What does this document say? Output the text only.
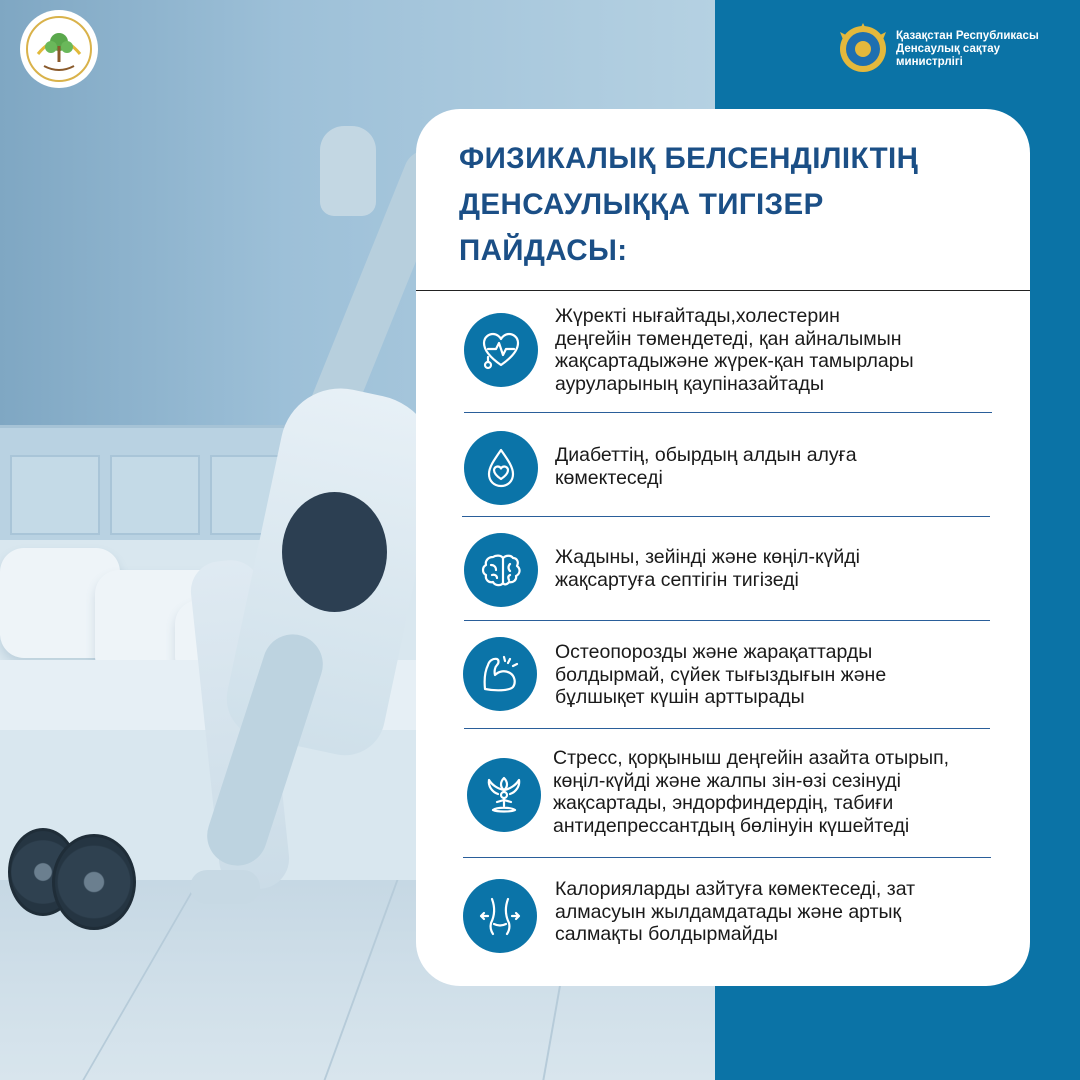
Қазақстан Республикасы
Денсаулық сақтау
министрлігі
ФИЗИКАЛЫҚ БЕЛСЕНДІЛІКТІҢ
ДЕНСАУЛЫҚҚА ТИГІЗЕР
ПАЙДАСЫ:
Жүректі нығайтады,холестерин
деңгейін төмендетеді, қан айналымын
жақсартадыжәне жүрек-қан тамырлары
ауруларының қаупіназайтады
Диабеттің, обырдың алдын алуға
көмектеседі
Жадыны, зейінді және көңіл-күйді
жақсартуға септігін тигізеді
Остеопорозды және жарақаттарды
болдырмай, сүйек тығыздығын және
бұлшықет күшін арттырады
Стресс, қорқыныш деңгейін азайта отырып,
көңіл-күйді және жалпы зін-өзі сезінуді
жақсартады, эндорфиндердің, табиғи
антидепрессантдың бөлінуін күшейтеді
Калорияларды азйтуға көмектеседі, зат
алмасуын жылдамдатады және артық
салмақты болдырмайды
